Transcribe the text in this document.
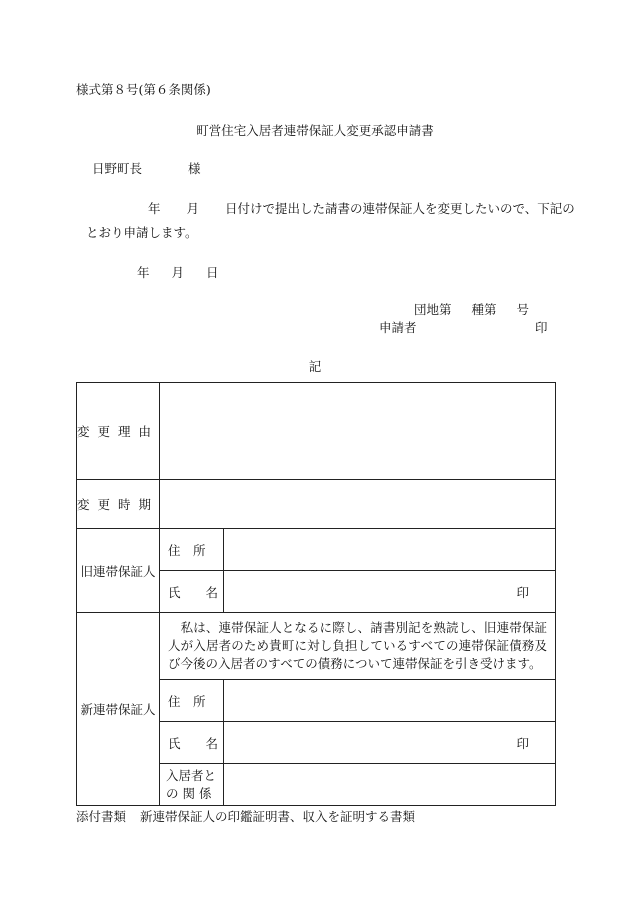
様式第８号(第６条関係)
町営住宅入居者連帯保証人変更承認申請書
日野町長	様
年 月 日付けで提出した請書の連帯保証人を変更したいので、下記の
とおり申請します。
年 月 日
団地第 種第 号
申請者	印
記
変更理由		
変更時期		
旧連帯保証人	住　所	
	氏　　名	印
新連帯保証人	　私は、連帯保証人となるに際し、請書別記を熟読し、旧連帯保証人が入居者のため貴町に対し負担しているすべての連帯保証債務及び今後の入居者のすべての債務について連帯保証を引き受けます。	
	住　所	
	氏　　名	印

	入居者と
の 関 係	

添付書類 新連帯保証人の印鑑証明書、収入を証明する書類
